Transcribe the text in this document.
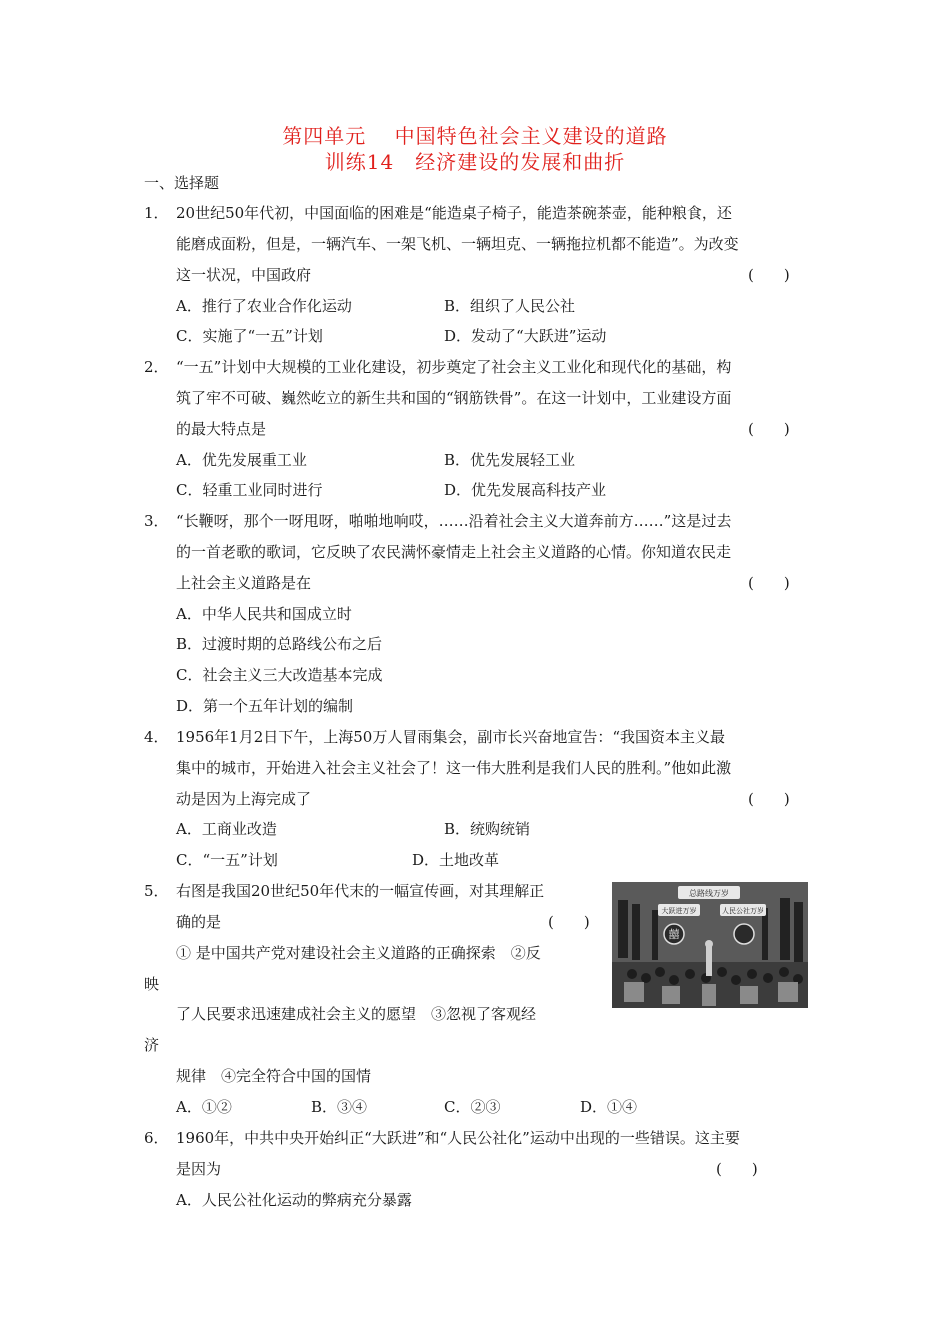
第四单元　 中国特色社会主义建设的道路
训练14　经济建设的发展和曲折
一、选择题
1． 20世纪50年代初，中国面临的困难是“能造桌子椅子，能造茶碗茶壶，能种粮食，还
能磨成面粉，但是，一辆汽车、一架飞机、一辆坦克、一辆拖拉机都不能造”。为改变
这一状况，中国政府	(　　)
A．推行了农业合作化运动	B．组织了人民公社
C．实施了“一五”计划	D．发动了“大跃进”运动
2． “一五”计划中大规模的工业化建设，初步奠定了社会主义工业化和现代化的基础，构
筑了牢不可破、巍然屹立的新生共和国的“钢筋铁骨”。在这一计划中，工业建设方面
的最大特点是	(　　)
A．优先发展重工业	B．优先发展轻工业
C．轻重工业同时进行	D．优先发展高科技产业
3． “长鞭呀，那个一呀甩呀，啪啪地响哎，……沿着社会主义大道奔前方……”这是过去
的一首老歌的歌词，它反映了农民满怀豪情走上社会主义道路的心情。你知道农民走
上社会主义道路是在	(　　)
A．中华人民共和国成立时
B．过渡时期的总路线公布之后
C．社会主义三大改造基本完成
D．第一个五年计划的编制
4． 1956年1月2日下午，上海50万人冒雨集会，副市长兴奋地宣告：“我国资本主义最
集中的城市，开始进入社会主义社会了！这一伟大胜利是我们人民的胜利。”他如此激
动是因为上海完成了	(　　)
A．工商业改造	B．统购统销
C．“一五”计划	D．土地改革
5． 右图是我国20世纪50年代末的一幅宣传画，对其理解正
确的是	(　　)
① 是中国共产党对建设社会主义道路的正确探索　②反
映
了人民要求迅速建成社会主义的愿望　③忽视了客观经
济
规律　④完全符合中国的国情
A．①②	B．③④	C．②③	D．①④
总路线万岁
大跃进万岁	人民公社万岁
囍
6． 1960年，中共中央开始纠正“大跃进”和“人民公社化”运动中出现的一些错误。这主要
是因为	(　　)
A．人民公社化运动的弊病充分暴露
